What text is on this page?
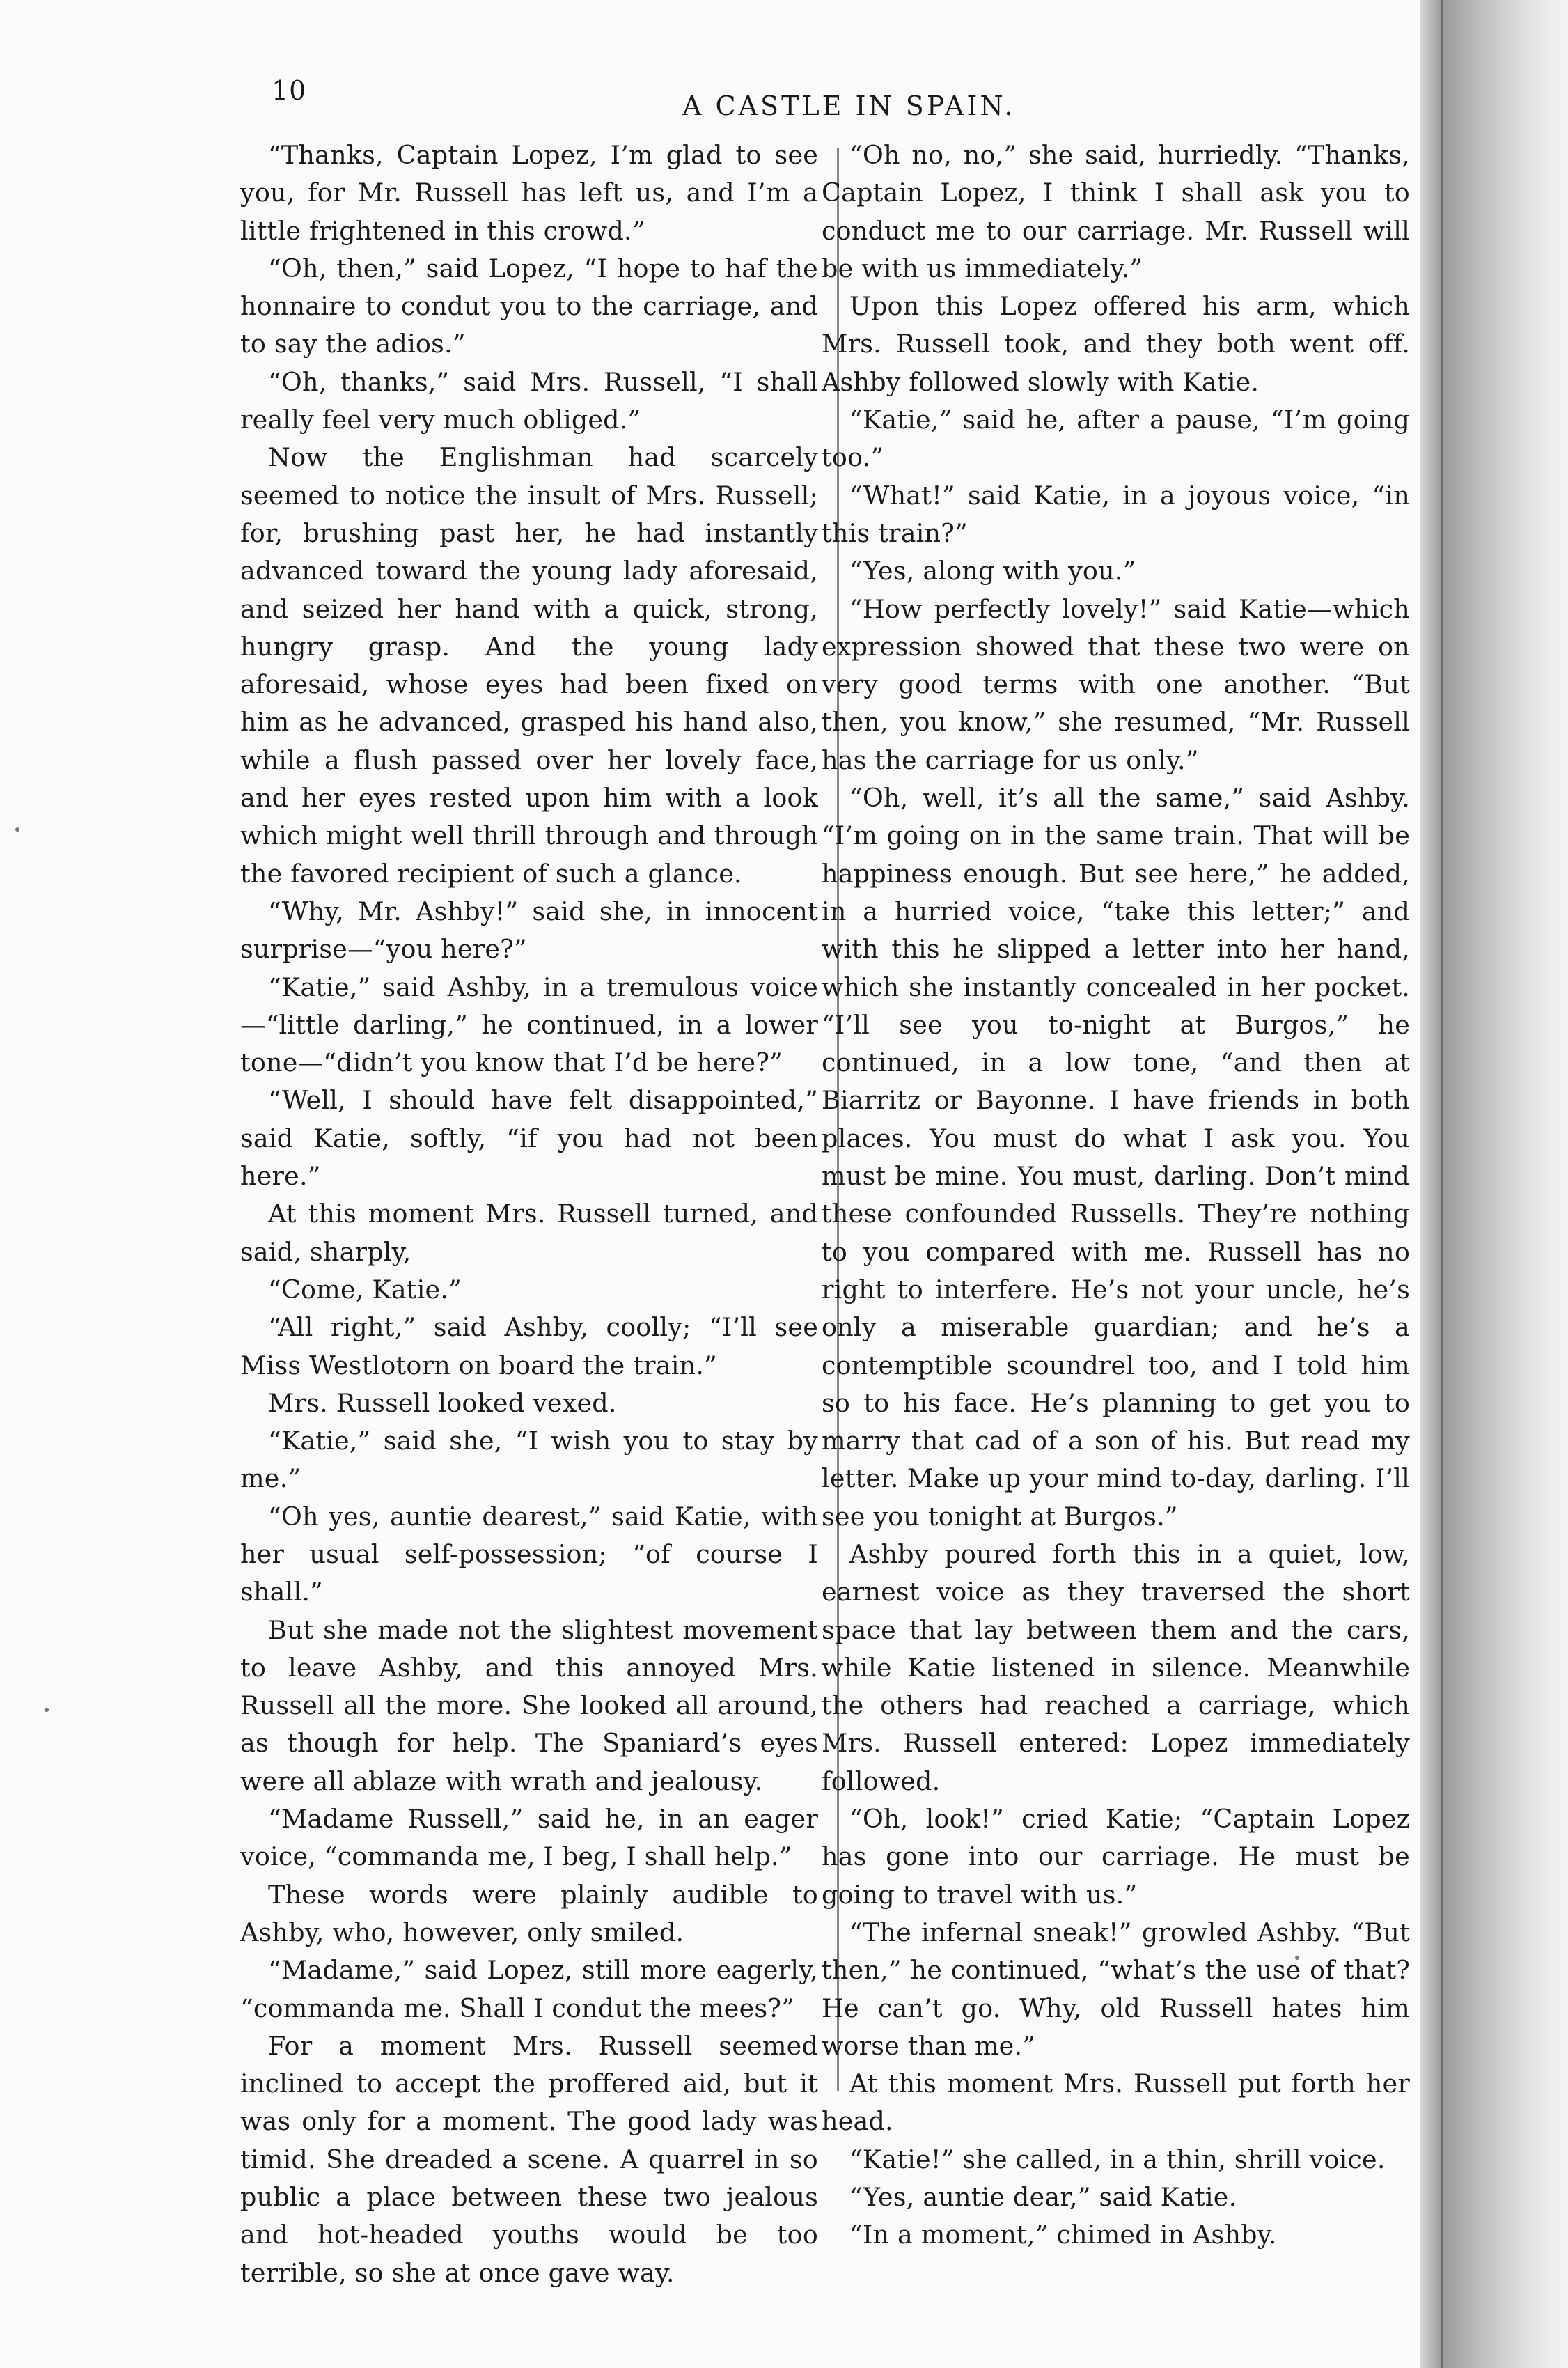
10	A CASTLE IN SPAIN.

“Thanks, Captain Lopez, I’m glad to see you, for Mr. Russell has left us, and I’m a little frightened in this crowd.”

“Oh, then,” said Lopez, “I hope to haf the honnaire to condut you to the carriage, and to say the adios.”

“Oh, thanks,” said Mrs. Russell, “I shall really feel very much obliged.”

Now the Englishman had scarcely seemed to notice the insult of Mrs. Russell; for, brushing past her, he had instantly advanced toward the young lady aforesaid, and seized her hand with a quick, strong, hungry grasp. And the young lady aforesaid, whose eyes had been fixed on him as he advanced, grasped his hand also, while a flush passed over her lovely face, and her eyes rested upon him with a look which might well thrill through and through the favored recipient of such a glance.

“Why, Mr. Ashby!” said she, in innocent surprise—“you here?”

“Katie,” said Ashby, in a tremulous voice —“little darling,” he continued, in a lower tone—“didn’t you know that I’d be here?”

“Well, I should have felt disappointed,” said Katie, softly, “if you had not been here.”

At this moment Mrs. Russell turned, and said, sharply,

“Come, Katie.”

“All right,” said Ashby, coolly; “I’ll see Miss Westlotorn on board the train.”

Mrs. Russell looked vexed.

“Katie,” said she, “I wish you to stay by me.”

“Oh yes, auntie dearest,” said Katie, with her usual self-possession; “of course I shall.”

But she made not the slightest movement to leave Ashby, and this annoyed Mrs. Russell all the more. She looked all around, as though for help. The Spaniard’s eyes were all ablaze with wrath and jealousy.

“Madame Russell,” said he, in an eager voice, “commanda me, I beg, I shall help.”

These words were plainly audible to Ashby, who, however, only smiled.

“Madame,” said Lopez, still more eagerly, “commanda me. Shall I condut the mees?”

For a moment Mrs. Russell seemed inclined to accept the proffered aid, but it was only for a moment. The good lady was timid. She dreaded a scene. A quarrel in so public a place between these two jealous and hot-headed youths would be too terrible, so she at once gave way.

“Oh no, no,” she said, hurriedly. “Thanks, Captain Lopez, I think I shall ask you to conduct me to our carriage. Mr. Russell will be with us immediately.”

Upon this Lopez offered his arm, which Mrs. Russell took, and they both went off. Ashby followed slowly with Katie.

“Katie,” said he, after a pause, “I’m going too.”

“What!” said Katie, in a joyous voice, “in this train?”

“Yes, along with you.”

“How perfectly lovely!” said Katie—which expression showed that these two were on very good terms with one another. “But then, you know,” she resumed, “Mr. Russell has the carriage for us only.”

“Oh, well, it’s all the same,” said Ashby. “I’m going on in the same train. That will be happiness enough. But see here,” he added, in a hurried voice, “take this letter;” and with this he slipped a letter into her hand, which she instantly concealed in her pocket. “I’ll see you to-night at Burgos,” he continued, in a low tone, “and then at Biarritz or Bayonne. I have friends in both places. You must do what I ask you. You must be mine. You must, darling. Don’t mind these confounded Russells. They’re nothing to you compared with me. Russell has no right to interfere. He’s not your uncle, he’s only a miserable guardian; and he’s a contemptible scoundrel too, and I told him so to his face. He’s planning to get you to marry that cad of a son of his. But read my letter. Make up your mind to-day, darling. I’ll see you tonight at Burgos.”

Ashby poured forth this in a quiet, low, earnest voice as they traversed the short space that lay between them and the cars, while Katie listened in silence. Meanwhile the others had reached a carriage, which Mrs. Russell entered: Lopez immediately followed.

“Oh, look!” cried Katie; “Captain Lopez has gone into our carriage. He must be going to travel with us.”

“The infernal sneak!” growled Ashby. “But then,” he continued, “what’s the use of that? He can’t go. Why, old Russell hates him worse than me.”

At this moment Mrs. Russell put forth her head.

“Katie!” she called, in a thin, shrill voice.

“Yes, auntie dear,” said Katie.

“In a moment,” chimed in Ashby.
